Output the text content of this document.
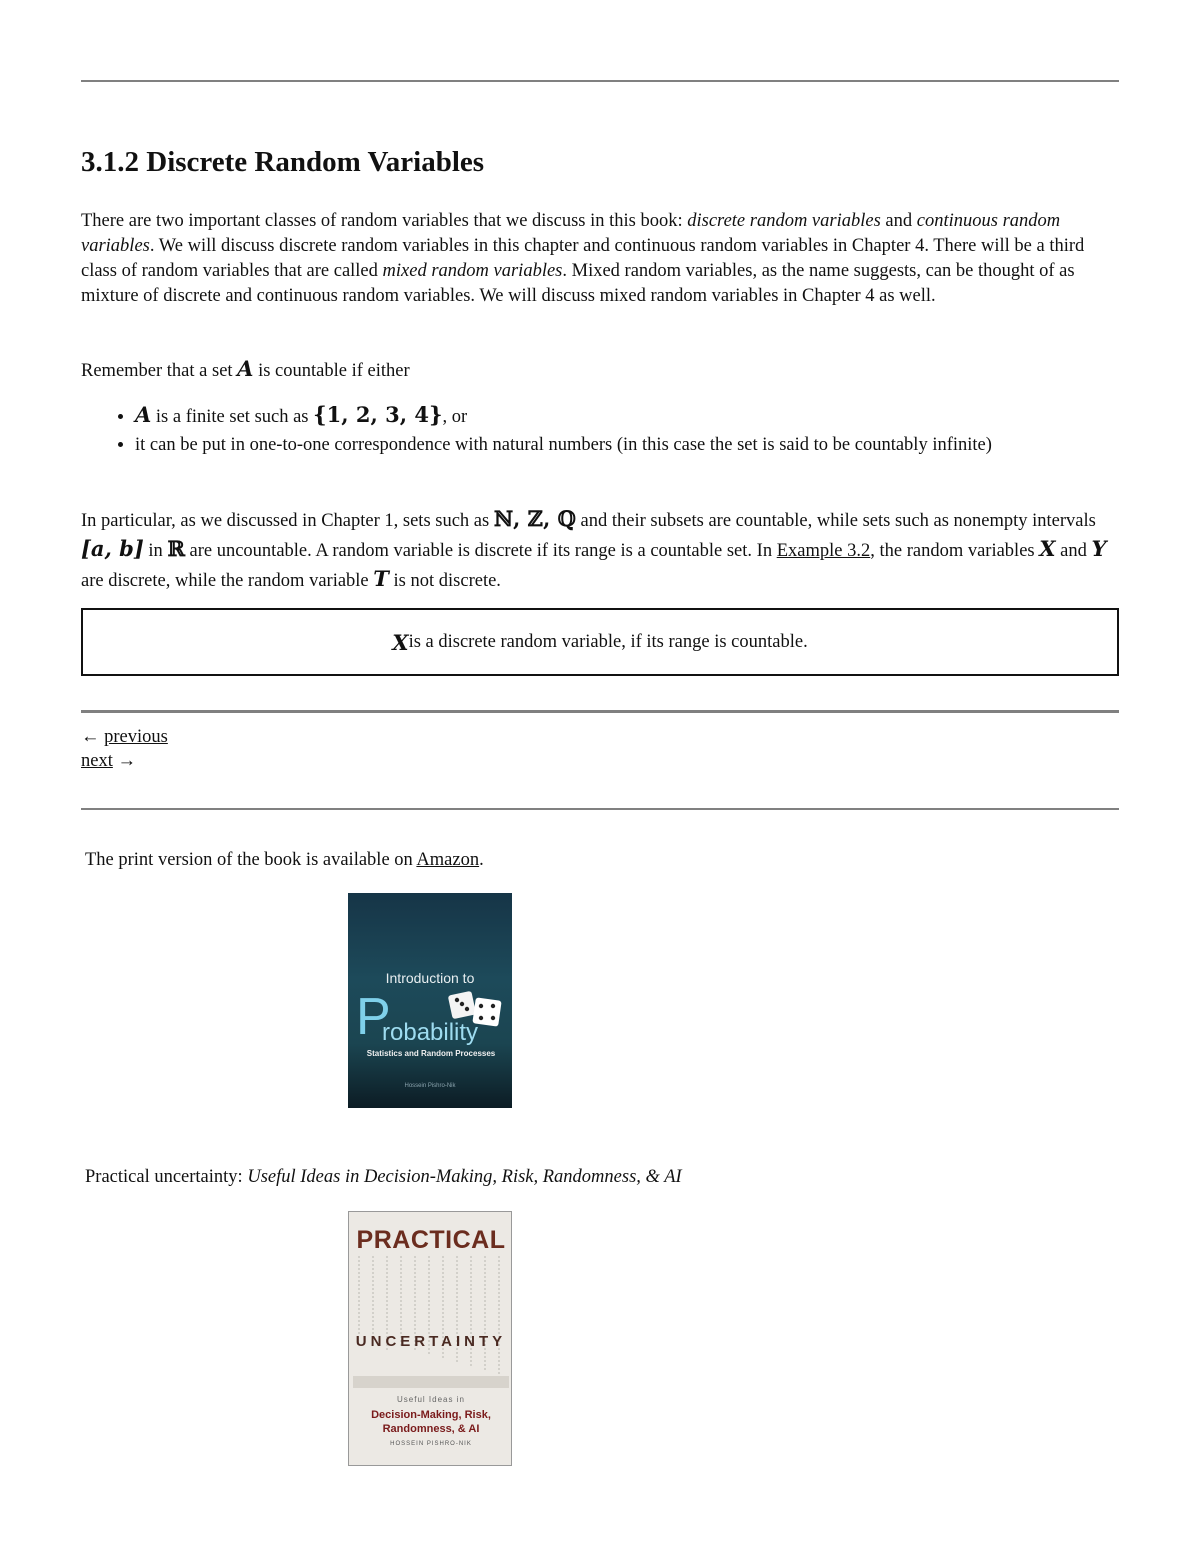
3.1.2 Discrete Random Variables
There are two important classes of random variables that we discuss in this book: discrete random variables and continuous random variables. We will discuss discrete random variables in this chapter and continuous random variables in Chapter 4. There will be a third class of random variables that are called mixed random variables. Mixed random variables, as the name suggests, can be thought of as mixture of discrete and continuous random variables. We will discuss mixed random variables in Chapter 4 as well.
Remember that a set A is countable if either
• A is a finite set such as {1, 2, 3, 4}, or
• it can be put in one-to-one correspondence with natural numbers (in this case the set is said to be countably infinite)
In particular, as we discussed in Chapter 1, sets such as ℕ, ℤ, ℚ and their subsets are countable, while sets such as nonempty intervals [a, b] in ℝ are uncountable. A random variable is discrete if its range is a countable set. In Example 3.2, the random variables X and Y are discrete, while the random variable T is not discrete.
X is a discrete random variable, if its range is countable.
← previous
next →
The print version of the book is available on Amazon.
Introduction to
P
robability
Statistics and Random Processes
Hossein Pishro-Nik
Practical uncertainty: Useful Ideas in Decision-Making, Risk, Randomness, & AI
PRACTICAL
UNCERTAINTY
Useful Ideas in
Decision-Making, Risk, Randomness, & AI
HOSSEIN PISHRO-NIK
